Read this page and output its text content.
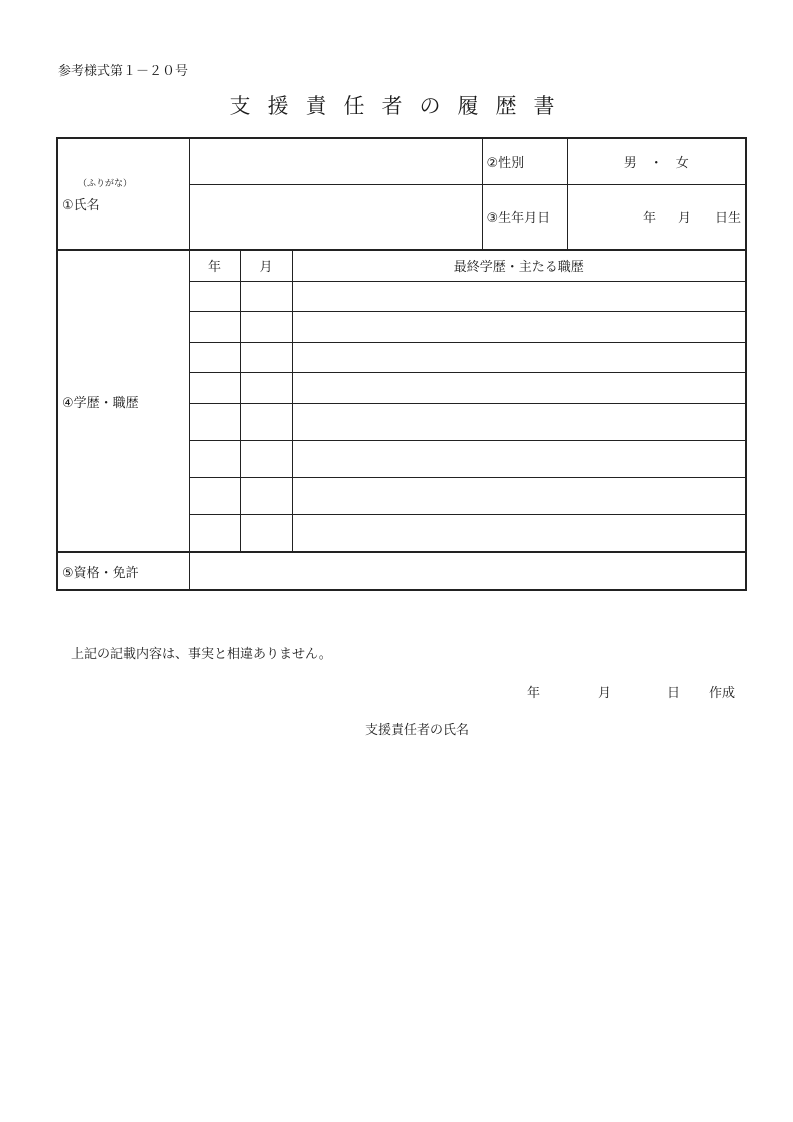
参考様式第１－２０号
支援責任者の履歴書
（ふりがな）
①氏名				②性別	男　・　女
				③生年月日	年 月 日生
④学歴・職歴	年	月	最終学歴・主たる職歴		

⑤資格・免許					
上記の記載内容は、事実と相違ありません。
年	月	日 作成
支援責任者の氏名
